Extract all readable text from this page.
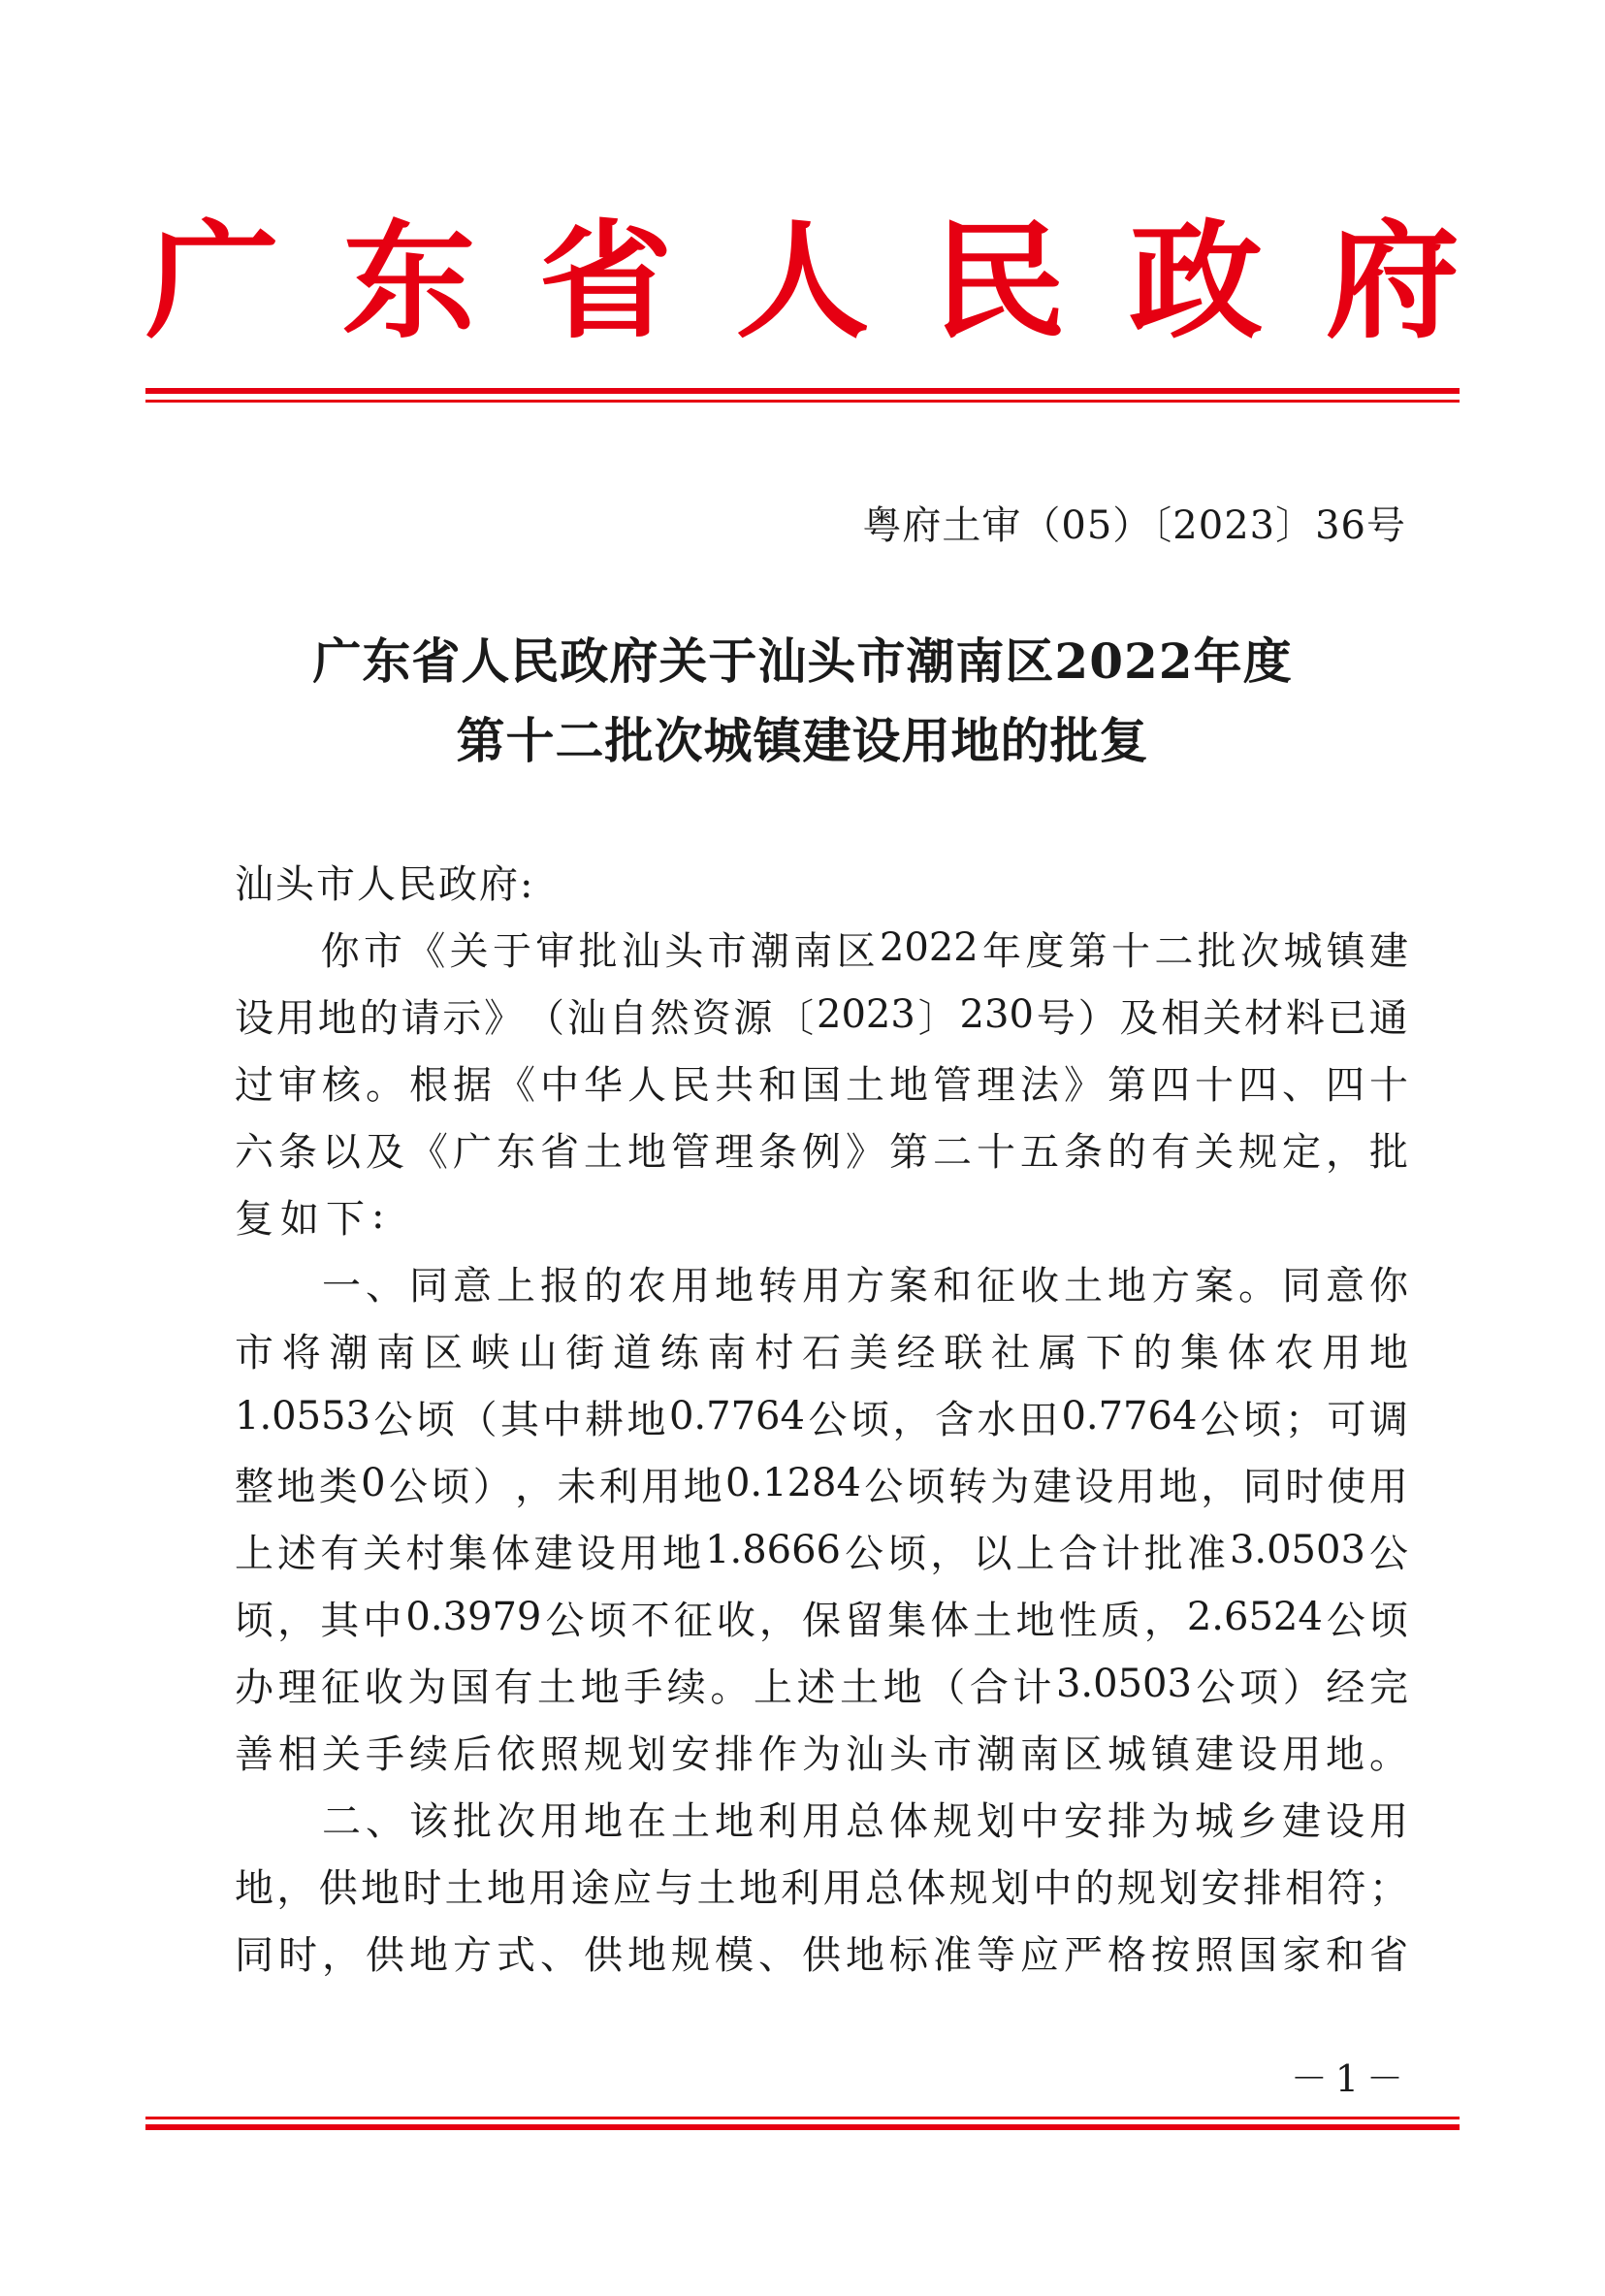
广 东 省 人 民 政 府
粤府土审（05）〔2023〕36号
广东省人民政府关于汕头市潮南区2022年度
第十二批次城镇建设用地的批复
汕头市人民政府:

你 市 《 关 于 审 批 汕 头 市 潮 南 区 2022 年 度 第 十 二 批 次 城 镇 建
设 用 地 的 请 示 》 （ 汕 自 然 资 源 〔 2023 〕 230 号 ） 及 相 关 材 料 已 通
过 审 核 。 根 据 《 中 华 人 民 共 和 国 土 地 管 理 法 》 第 四 十 四 、 四 十
六 条 以 及 《 广 东 省 土 地 管 理 条 例 》 第 二 十 五 条 的 有 关 规 定 ， 批
复 如 下 :

一 、 同 意 上 报 的 农 用 地 转 用 方 案 和 征 收 土 地 方 案 。 同 意 你
市 将 潮 南 区 峡 山 街 道 练 南 村 石 美 经 联 社 属 下 的 集 体 农 用 地
1.0553 公 顷 （ 其 中 耕 地 0.7764 公 顷 ， 含 水 田 0.7764 公 顷 ； 可 调
整 地 类 0 公 顷 ） ， 未 利 用 地 0.1284 公 顷 转 为 建 设 用 地 ， 同 时 使 用
上 述 有 关 村 集 体 建 设 用 地 1.8666 公 顷 ， 以 上 合 计 批 准 3.0503 公
顷 ， 其 中 0.3979 公 顷 不 征 收 ， 保 留 集 体 土 地 性 质 ， 2.6524 公 顷
办 理 征 收 为 国 有 土 地 手 续 。 上 述 土 地 （ 合 计 3.0503 公 项 ） 经 完
善 相 关 手 续 后 依 照 规 划 安 排 作 为 汕 头 市 潮 南 区 城 镇 建 设 用 地 。

二 、 该 批 次 用 地 在 土 地 利 用 总 体 规 划 中 安 排 为 城 乡 建 设 用
地 ， 供 地 时 土 地 用 途 应 与 土 地 利 用 总 体 规 划 中 的 规 划 安 排 相 符 ；
同 时 ， 供 地 方 式 、 供 地 规 模 、 供 地 标 准 等 应 严 格 按 照 国 家 和 省
－1－
